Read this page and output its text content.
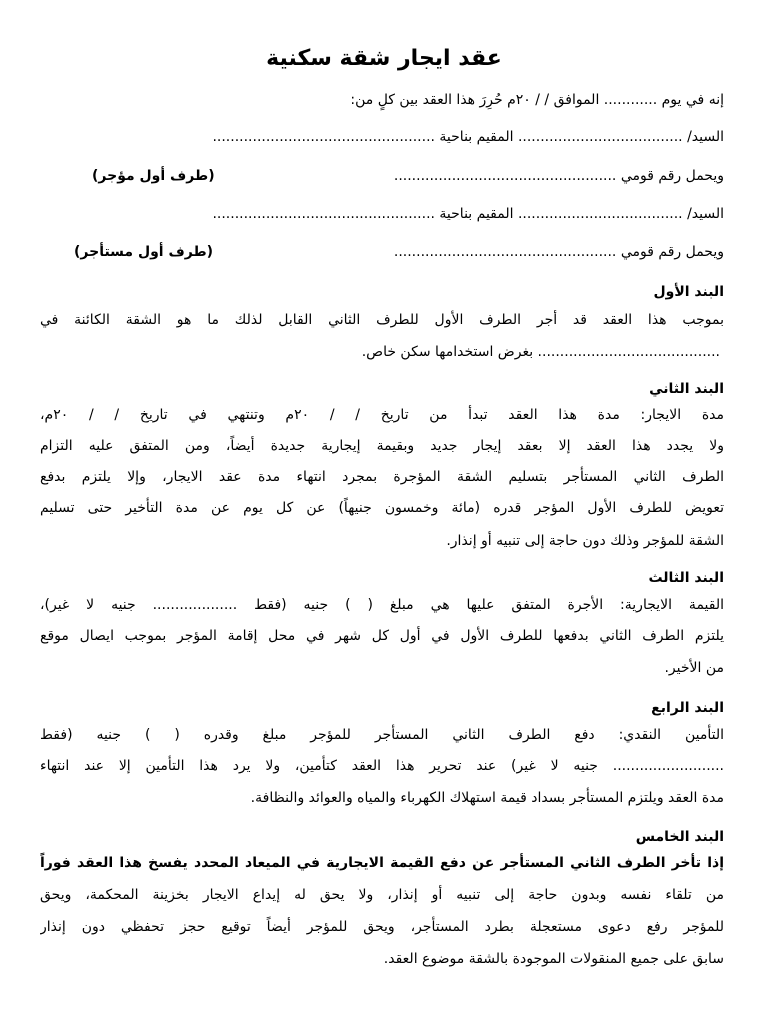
عقد ايجار شقة سكنية
إنه في يوم ............ الموافق / / ٢٠م حُرِرَ هذا العقد بين كلٍ من:
السيد/ ..................................... المقيم بناحية ..................................................
ويحمل رقم قومي ..................................................
(طرف أول مؤجر)
السيد/ ..................................... المقيم بناحية ..................................................
ويحمل رقم قومي ..................................................
(طرف أول مستأجر)
البند الأول
بموجب هذا العقد قد أجر الطرف الأول للطرف الثاني القابل لذلك ما هو الشقة الكائنة في
......................................... بغرض استخدامها سكن خاص.
البند الثاني
مدة الايجار: مدة هذا العقد تبدأ من تاريخ / / ٢٠م وتنتهي في تاريخ / / ٢٠م،
ولا يجدد هذا العقد إلا بعقد إيجار جديد وبقيمة إيجارية جديدة أيضاً، ومن المتفق عليه التزام
الطرف الثاني المستأجر بتسليم الشقة المؤجرة بمجرد انتهاء مدة عقد الايجار، وإلا يلتزم بدفع
تعويض للطرف الأول المؤجر قدره (مائة وخمسون جنيهاً) عن كل يوم عن مدة التأخير حتى تسليم
الشقة للمؤجر وذلك دون حاجة إلى تنبيه أو إنذار.
البند الثالث
القيمة الايجارية: الأجرة المتفق عليها هي مبلغ ( ) جنيه (فقط ................... جنيه لا غير)،
يلتزم الطرف الثاني بدفعها للطرف الأول في أول كل شهر في محل إقامة المؤجر بموجب ايصال موقع
من الأخير.
البند الرابع
التأمين النقدي: دفع الطرف الثاني المستأجر للمؤجر مبلغ وقدره ( ) جنيه (فقط
......................... جنيه لا غير) عند تحرير هذا العقد كتأمين، ولا يرد هذا التأمين إلا عند انتهاء
مدة العقد ويلتزم المستأجر بسداد قيمة استهلاك الكهرباء والمياه والعوائد والنظافة.
البند الخامس
إذا تأخر الطرف الثاني المستأجر عن دفع القيمة الايجارية في الميعاد المحدد يفسخ هذا العقد فوراً
من تلقاء نفسه وبدون حاجة إلى تنبيه أو إنذار، ولا يحق له إيداع الايجار بخزينة المحكمة، ويحق
للمؤجر رفع دعوى مستعجلة بطرد المستأجر، ويحق للمؤجر أيضاً توقيع حجز تحفظي دون إنذار
سابق على جميع المنقولات الموجودة بالشقة موضوع العقد.
